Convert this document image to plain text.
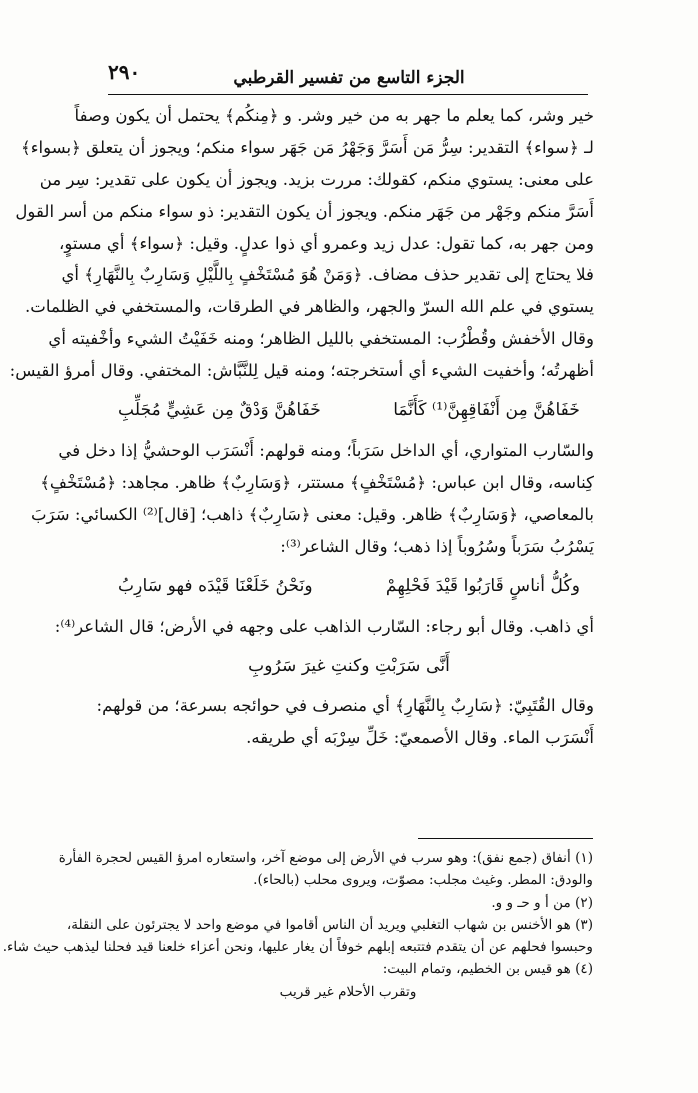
الجزء التاسع من تفسير القرطبي
٢٩٠
خير وشر، كما يعلم ما جهر به من خير وشر. و ﴿مِنكُم﴾ يحتمل أن يكون وصفاً
لـ ﴿سواء﴾ التقدير: سِرُّ مَن أَسَرَّ وَجَهْرُ مَن جَهَر سواء منكم؛ ويجوز أن يتعلق ﴿بسواء﴾
على معنى: يستوي منكم، كقولك: مررت بزيد. ويجوز أن يكون على تقدير: سِر من
أَسَرَّ منكم وجَهْر من جَهَر منكم. ويجوز أن يكون التقدير: ذو سواء منكم من أسر القول
ومن جهر به، كما تقول: عدل زيد وعمرو أي ذوا عدلٍ. وقيل: ﴿سواء﴾ أي مستوٍ،
فلا يحتاج إلى تقدير حذف مضاف. ﴿وَمَنْ هُوَ مُسْتَخْفٍ بِاللَّيْلِ وَسَارِبٌ بِالنَّهَارِ﴾ أي
يستوي في علم الله السرّ والجهر، والظاهر في الطرقات، والمستخفي في الظلمات.
وقال الأخفش وقُطْرُب: المستخفي بالليل الظاهر؛ ومنه خَفَيْتُ الشيء وأخْفيته أي
أظهرتُه؛ وأخفيت الشيء أي أستخرجته؛ ومنه قيل لِلنَّبَّاش: المختفي. وقال أمرؤ القيس:
خَفَاهُنَّ مِن أَنْفَاقِهِنَّ⁽¹⁾ كَأَنَّمَا
خَفَاهُنَّ وَدْقٌ مِن عَشِيٍّ مُجَلِّبِ
والسّارب المتواري، أي الداخل سَرَباً؛ ومنه قولهم: أَنْسَرَب الوحشيُّ إذا دخل في
كِناسه، وقال ابن عباس: ﴿مُسْتَخْفٍ﴾ مستتر، ﴿وَسَارِبٌ﴾ ظاهر. مجاهد: ﴿مُسْتَخْفٍ﴾
بالمعاصي، ﴿وَسَارِبٌ﴾ ظاهر. وقيل: معنى ﴿سَارِبٌ﴾ ذاهب؛ [قال]⁽²⁾ الكسائي: سَرَبَ
يَسْرُبُ سَرَباً وسُرُوباً إذا ذهب؛ وقال الشاعر⁽³⁾:
وكُلُّ أناسٍ قَارَبُوا قَيْدَ فَحْلِهِمْ
ونَحْنُ خَلَعْنَا قَيْدَه فهو سَارِبُ
أي ذاهب. وقال أبو رجاء: السّارب الذاهب على وجهه في الأرض؛ قال الشاعر⁽⁴⁾:
أَنَّى سَرَبْتِ وكنتِ غيرَ سَرُوبِ
وقال القُتَبِيّ: ﴿سَارِبٌ بِالنَّهَارِ﴾ أي منصرف في حوائجه بسرعة؛ من قولهم:
أَنْسَرَب الماء. وقال الأصمعيّ: خَلِّ سِرْبَه أي طريقه.
(١) أنفاق (جمع نفق): وهو سرب في الأرض إلى موضع آخر، واستعاره امرؤ القيس لحجرة الفأرة
والودق: المطر. وغيث مجلب: مصوّت، ويروى محلب (بالحاء).
(٢) من أ و حـ و و.
(٣) هو الأخنس بن شهاب التغلبي ويريد أن الناس أقاموا في موضع واحد لا يجترئون على النقلة،
وحبسوا فحلهم عن أن يتقدم فتتبعه إبلهم خوفاً أن يغار عليها، ونحن أعزاء خلعنا قيد فحلنا ليذهب حيث شاء.
(٤) هو قيس بن الخطيم، وتمام البيت:
وتقرب الأحلام غير قريب
